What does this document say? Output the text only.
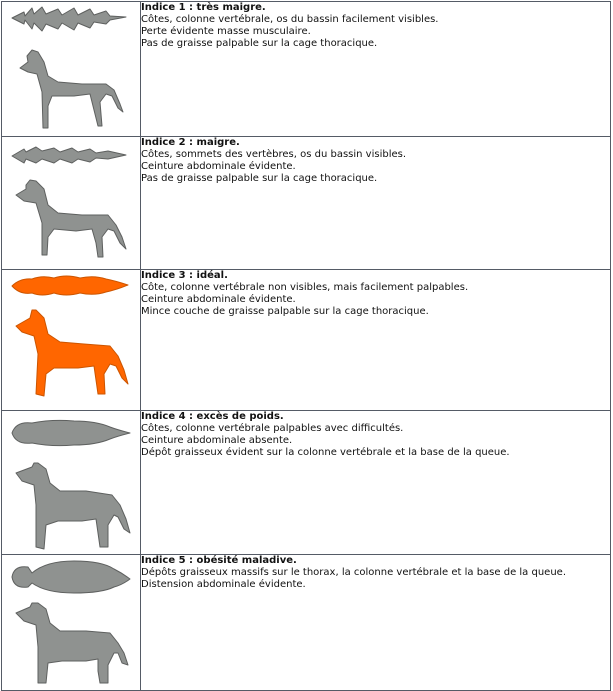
Indice 1 : très maigre.
Côtes, colonne vertébrale, os du bassin facilement visibles.
Perte évidente masse musculaire.
Pas de graisse palpable sur la cage thoracique.

Indice 2 : maigre.
Côtes, sommets des vertèbres, os du bassin visibles.
Ceinture abdominale évidente.
Pas de graisse palpable sur la cage thoracique.

Indice 3 : idéal.
Côte, colonne vertébrale non visibles, mais facilement palpables.
Ceinture abdominale évidente.
Mince couche de graisse palpable sur la cage thoracique.

Indice 4 : excès de poids.
Côtes, colonne vertébrale palpables avec difficultés.
Ceinture abdominale absente.
Dépôt graisseux évident sur la colonne vertébrale et la base de la queue.

Indice 5 : obésité maladive.
Dépôts graisseux massifs sur le thorax, la colonne vertébrale et la base de la queue.
Distension abdominale évidente.
